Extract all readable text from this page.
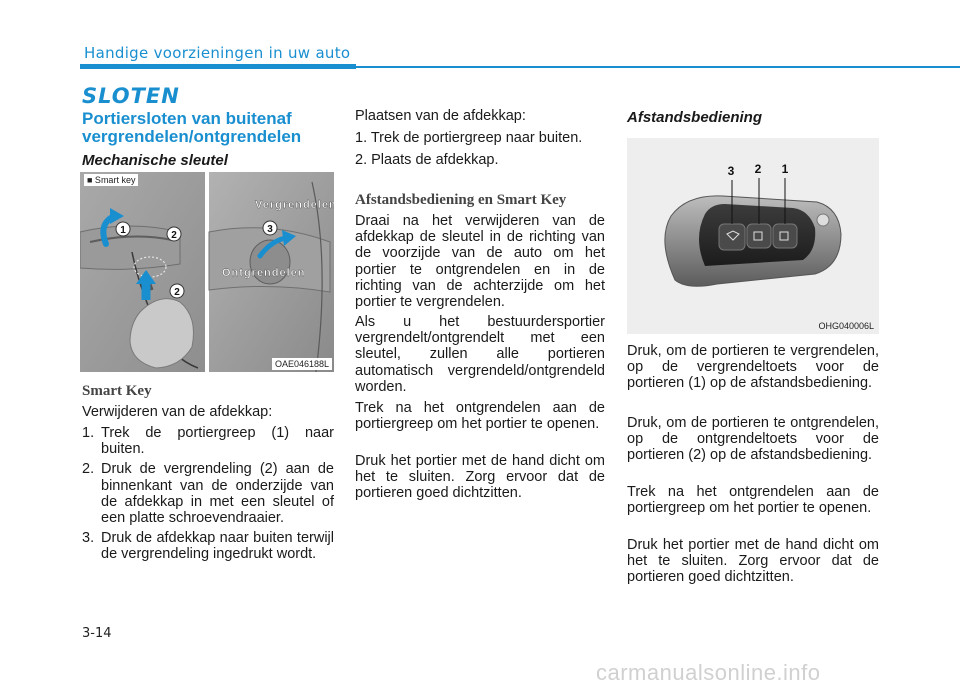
Handige voorzieningen in uw auto
SLOTEN
Portiersloten van buitenaf vergrendelen/ontgrendelen
Mechanische sleutel
1	2
2
3
Vergrendelen
Ontgrendelen
■ Smart key
OAE046188L
Smart Key
Verwijderen van de afdekkap:
1. Trek de portiergreep (1) naar buiten.
2. Druk de vergrendeling (2) aan de binnenkant van de onderzijde van de afdekkap in met een sleutel of een platte schroevendraaier.
3. Druk de afdekkap naar buiten terwijl de vergrendeling ingedrukt wordt.
Plaatsen van de afdekkap:
1. Trek de portiergreep naar buiten.
2. Plaats de afdekkap.
Afstandsbediening en Smart Key
Draai na het verwijderen van de afdekkap de sleutel in de richting van de voorzijde van de auto om het portier te ontgrendelen en in de richting van de achterzijde om het portier te vergrendelen.
Als u het bestuurdersportier vergrendelt/ontgrendelt met een sleutel, zullen alle portieren automatisch vergrendeld/ontgrendeld worden.
Trek na het ontgrendelen aan de portiergreep om het portier te openen.
Druk het portier met de hand dicht om het te sluiten. Zorg ervoor dat de portieren goed dichtzitten.
Afstandsbediening
3 2 1
OHG040006L
Druk, om de portieren te vergrendelen, op de vergrendeltoets voor de portieren (1) op de afstandsbediening.
Druk, om de portieren te ontgrendelen, op de ontgrendeltoets voor de portieren (2) op de afstandsbediening.
Trek na het ontgrendelen aan de portiergreep om het portier te openen.
Druk het portier met de hand dicht om het te sluiten. Zorg ervoor dat de portieren goed dichtzitten.
3-14
carmanualsonline.info
